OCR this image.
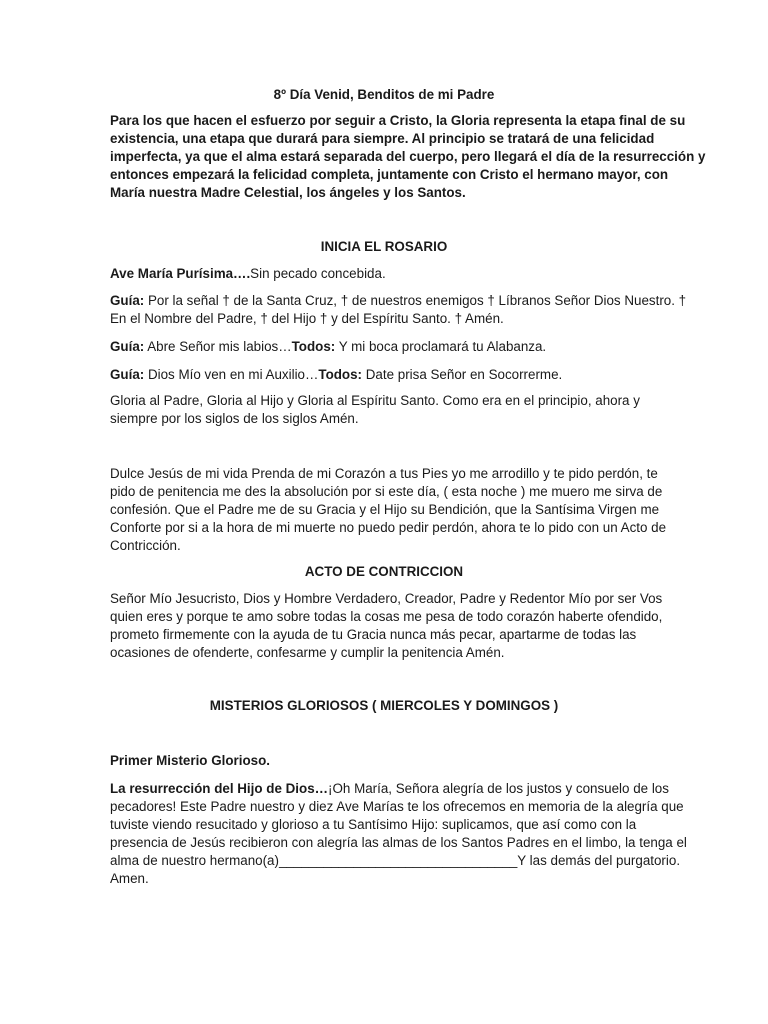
8º Día Venid, Benditos de mi Padre

Para los que hacen el esfuerzo por seguir a Cristo, la Gloria representa la etapa final de su
existencia, una etapa que durará para siempre. Al principio se tratará de una felicidad
imperfecta, ya que el alma estará separada del cuerpo, pero llegará el día de la resurrección y
entonces empezará la felicidad completa, juntamente con Cristo el hermano mayor, con
María nuestra Madre Celestial, los ángeles y los Santos.

INICIA EL ROSARIO

Ave María Purísima….Sin pecado concebida.

Guía: Por la señal † de la Santa Cruz, † de nuestros enemigos † Líbranos Señor Dios Nuestro. †
En el Nombre del Padre, † del Hijo † y del Espíritu Santo. † Amén.

Guía: Abre Señor mis labios…Todos: Y mi boca proclamará tu Alabanza.

Guía: Dios Mío ven en mi Auxilio…Todos: Date prisa Señor en Socorrerme.

Gloria al Padre, Gloria al Hijo y Gloria al Espíritu Santo. Como era en el principio, ahora y
siempre por los siglos de los siglos Amén.
Dulce Jesús de mi vida Prenda de mi Corazón a tus Pies yo me arrodillo y te pido perdón, te
pido de penitencia me des la absolución por si este día, ( esta noche ) me muero me sirva de
confesión. Que el Padre me de su Gracia y el Hijo su Bendición, que la Santísima Virgen me
Conforte por si a la hora de mi muerte no puedo pedir perdón, ahora te lo pido con un Acto de
Contricción.

ACTO DE CONTRICCION

Señor Mío Jesucristo, Dios y Hombre Verdadero, Creador, Padre y Redentor Mío por ser Vos
quien eres y porque te amo sobre todas la cosas me pesa de todo corazón haberte ofendido,
prometo firmemente con la ayuda de tu Gracia nunca más pecar, apartarme de todas las
ocasiones de ofenderte, confesarme y cumplir la penitencia Amén.

MISTERIOS GLORIOSOS ( MIERCOLES Y DOMINGOS )

Primer Misterio Glorioso.

La resurrección del Hijo de Dios…¡Oh María, Señora alegría de los justos y consuelo de los
pecadores! Este Padre nuestro y diez Ave Marías te los ofrecemos en memoria de la alegría que
tuviste viendo resucitado y glorioso a tu Santísimo Hijo: suplicamos, que así como con la
presencia de Jesús recibieron con alegría las almas de los Santos Padres en el limbo, la tenga el
alma de nuestro hermano(a)________________________________Y las demás del purgatorio.
Amen.
